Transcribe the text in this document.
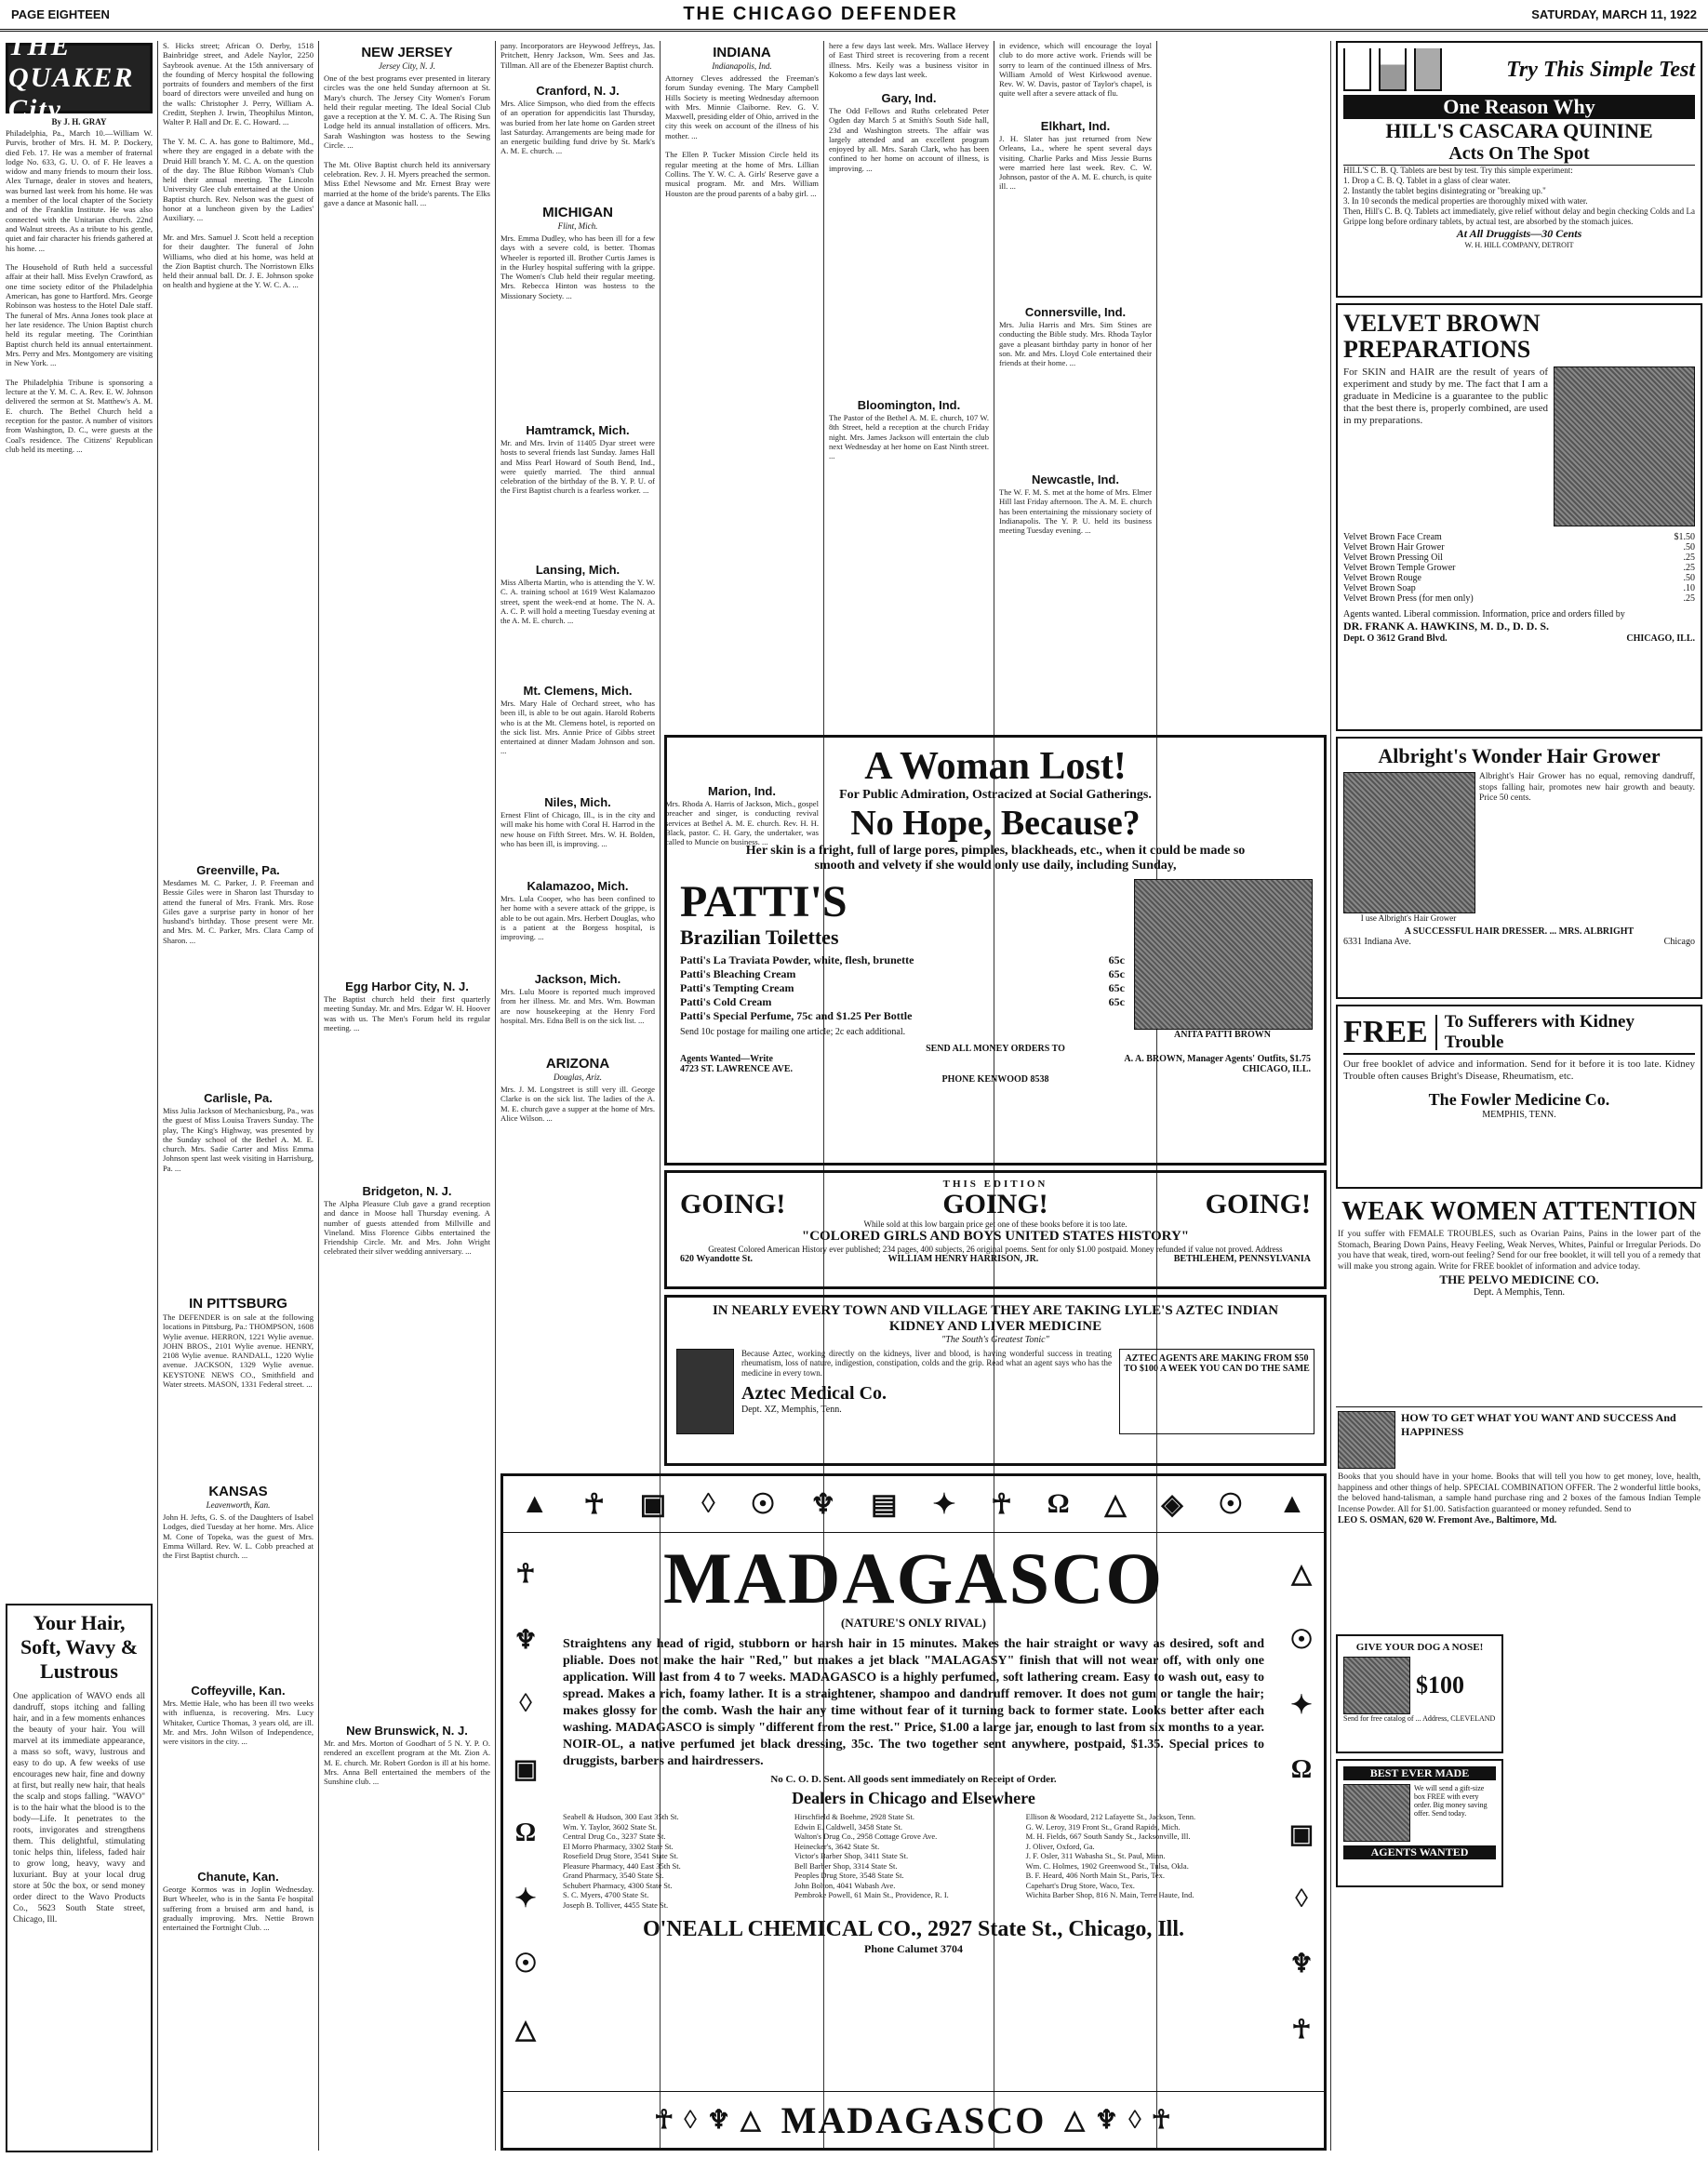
PAGE EIGHTEEN	THE CHICAGO DEFENDER	SATURDAY, MARCH 11, 1922
THE QUAKER City
By J. H. GRAY
Philadelphia, Pa., March 10.—William W. Purvis, brother of Mrs. H. M. P. Dockery, died Feb. 17. He was a member of fraternal lodge No. 633, G. U. O. of F. He leaves a widow and many friends to mourn their loss. Alex Turnage, dealer in stoves and heaters, was burned last week from his home. He was a member of the local chapter of the Society and of the Franklin Institute. He was also connected with the Unitarian church. 22nd and Walnut streets. As a tribute to his gentle, quiet and fair character his friends gathered at his home. ...

The Household of Ruth held a successful affair at their hall. Miss Evelyn Crawford, as one time society editor of the Philadelphia American, has gone to Hartford. Mrs. George Robinson was hostess to the Hotel Dale staff. The funeral of Mrs. Anna Jones took place at her late residence. The Union Baptist church held its regular meeting. The Corinthian Baptist church held its annual entertainment. Mrs. Perry and Mrs. Montgomery are visiting in New York. ...

The Philadelphia Tribune is sponsoring a lecture at the Y. M. C. A. Rev. E. W. Johnson delivered the sermon at St. Matthew's A. M. E. church. The Bethel Church held a reception for the pastor. A number of visitors from Washington, D. C., were guests at the Coal's residence. The Citizens' Republican club held its meeting. ...
Your Hair, Soft, Wavy & Lustrous
One application of WAVO ends all dandruff, stops itching and falling hair, and in a few moments enhances the beauty of your hair. You will marvel at its immediate appearance, a mass so soft, wavy, lustrous and easy to do up. A few weeks of use encourages new hair, fine and downy at first, but really new hair, that heals the scalp and stops falling. "WAVO" is to the hair what the blood is to the body—Life. It penetrates to the roots, invigorates and strengthens them. This delightful, stimulating tonic helps thin, lifeless, faded hair to grow long, heavy, wavy and luxuriant. Buy at your local drug store at 50c the box, or send money order direct to the Wavo Products Co., 5623 South State street, Chicago, Ill.
S. Hicks street; African O. Derby, 1518 Bainbridge street, and Adele Naylor, 2250 Saybrook avenue. At the 15th anniversary of the founding of Mercy hospital the following portraits of founders and members of the first board of directors were unveiled and hung on the walls: Christopher J. Perry, William A. Creditt, Stephen J. Irwin, Theophilus Minton, Walter P. Hall and Dr. E. C. Howard. ...

The Y. M. C. A. has gone to Baltimore, Md., where they are engaged in a debate with the Druid Hill branch Y. M. C. A. on the question of the day. The Blue Ribbon Woman's Club held their annual meeting. The Lincoln University Glee club entertained at the Union Baptist church. Rev. Nelson was the guest of honor at a luncheon given by the Ladies' Auxiliary. ...

Mr. and Mrs. Samuel J. Scott held a reception for their daughter. The funeral of John Williams, who died at his home, was held at the Zion Baptist church. The Norristown Elks held their annual ball. Dr. J. E. Johnson spoke on health and hygiene at the Y. W. C. A. ...
Greenville, Pa.
Mesdames M. C. Parker, J. P. Freeman and Bessie Giles were in Sharon last Thursday to attend the funeral of Mrs. Frank. Mrs. Rose Giles gave a surprise party in honor of her husband's birthday. Those present were Mr. and Mrs. M. C. Parker, Mrs. Clara Camp of Sharon. ...
Carlisle, Pa.
Miss Julia Jackson of Mechanicsburg, Pa., was the guest of Miss Louisa Travers Sunday. The play, The King's Highway, was presented by the Sunday school of the Bethel A. M. E. church. Mrs. Sadie Carter and Miss Emma Johnson spent last week visiting in Harrisburg, Pa. ...
IN PITTSBURG
The DEFENDER is on sale at the following locations in Pittsburg, Pa.: THOMPSON, 1608 Wylie avenue. HERRON, 1221 Wylie avenue. JOHN BROS., 2101 Wylie avenue. HENRY, 2108 Wylie avenue. RANDALL, 1220 Wylie avenue. JACKSON, 1329 Wylie avenue. KEYSTONE NEWS CO., Smithfield and Water streets. MASON, 1331 Federal street. ...
KANSAS
Leavenworth, Kan.
John H. Jefts, G. S. of the Daughters of Isabel Lodges, died Tuesday at her home. Mrs. Alice M. Cone of Topeka, was the guest of Mrs. Emma Willard. Rev. W. L. Cobb preached at the First Baptist church. ...
Coffeyville, Kan.
Mrs. Mettie Hale, who has been ill two weeks with influenza, is recovering. Mrs. Lucy Whitaker, Curtice Thomas, 3 years old, are ill. Mr. and Mrs. John Wilson of Independence, were visitors in the city. ...
Chanute, Kan.
George Kormos was in Joplin Wednesday. Burt Wheeler, who is in the Santa Fe hospital suffering from a bruised arm and hand, is gradually improving. Mrs. Nettie Brown entertained the Fortnight Club. ...
NEW JERSEY
Jersey City, N. J.
One of the best programs ever presented in literary circles was the one held Sunday afternoon at St. Mary's church. The Jersey City Women's Forum held their regular meeting. The Ideal Social Club gave a reception at the Y. M. C. A. The Rising Sun Lodge held its annual installation of officers. Mrs. Sarah Washington was hostess to the Sewing Circle. ...

The Mt. Olive Baptist church held its anniversary celebration. Rev. J. H. Myers preached the sermon. Miss Ethel Newsome and Mr. Ernest Bray were married at the home of the bride's parents. The Elks gave a dance at Masonic hall. ...
Egg Harbor City, N. J.
The Baptist church held their first quarterly meeting Sunday. Mr. and Mrs. Edgar W. H. Hoover was with us. The Men's Forum held its regular meeting. ...
Bridgeton, N. J.
The Alpha Pleasure Club gave a grand reception and dance in Moose hall Thursday evening. A number of guests attended from Millville and Vineland. Miss Florence Gibbs entertained the Friendship Circle. Mr. and Mrs. John Wright celebrated their silver wedding anniversary. ...
New Brunswick, N. J.
Mr. and Mrs. Morton of Goodhart of 5 N. Y. P. O. rendered an excellent program at the Mt. Zion A. M. E. church. Mr. Robert Gordon is ill at his home. Mrs. Anna Bell entertained the members of the Sunshine club. ...
pany. Incorporators are Heywood Jeffreys, Jas. Pritchett, Henry Jackson, Wm. Sees and Jas. Tillman. All are of the Ebenezer Baptist church.
Cranford, N. J.
Mrs. Alice Simpson, who died from the effects of an operation for appendicitis last Thursday, was buried from her late home on Garden street last Saturday. Arrangements are being made for an energetic building fund drive by St. Mark's A. M. E. church. ...
MICHIGAN
Flint, Mich.
Mrs. Emma Dudley, who has been ill for a few days with a severe cold, is better. Thomas Wheeler is reported ill. Brother Curtis James is in the Hurley hospital suffering with la grippe. The Women's Club held their regular meeting. Mrs. Rebecca Hinton was hostess to the Missionary Society. ...
Hamtramck, Mich.
Mr. and Mrs. Irvin of 11405 Dyar street were hosts to several friends last Sunday. James Hall and Miss Pearl Howard of South Bend, Ind., were quietly married. The third annual celebration of the birthday of the B. Y. P. U. of the First Baptist church is a fearless worker. ...
Lansing, Mich.
Miss Alberta Martin, who is attending the Y. W. C. A. training school at 1619 West Kalamazoo street, spent the week-end at home. The N. A. A. C. P. will hold a meeting Tuesday evening at the A. M. E. church. ...
Mt. Clemens, Mich.
Mrs. Mary Hale of Orchard street, who has been ill, is able to be out again. Harold Roberts who is at the Mt. Clemens hotel, is reported on the sick list. Mrs. Annie Price of Gibbs street entertained at dinner Madam Johnson and son. ...
Niles, Mich.
Ernest Flint of Chicago, Ill., is in the city and will make his home with Coral H. Harrod in the new house on Fifth Street. Mrs. W. H. Bolden, who has been ill, is improving. ...
Kalamazoo, Mich.
Mrs. Lula Cooper, who has been confined to her home with a severe attack of the grippe, is able to be out again. Mrs. Herbert Douglas, who is a patient at the Borgess hospital, is improving. ...
Jackson, Mich.
Mrs. Lulu Moore is reported much improved from her illness. Mr. and Mrs. Wm. Bowman are now housekeeping at the Henry Ford hospital. Mrs. Edna Bell is on the sick list. ...
ARIZONA
Douglas, Ariz.
Mrs. J. M. Longstreet is still very ill. George Clarke is on the sick list. The ladies of the A. M. E. church gave a supper at the home of Mrs. Alice Wilson. ...
INDIANA
Indianapolis, Ind.
Attorney Cleves addressed the Freeman's forum Sunday evening. The Mary Campbell Hills Society is meeting Wednesday afternoon with Mrs. Minnie Claiborne. Rev. G. V. Maxwell, presiding elder of Ohio, arrived in the city this week on account of the illness of his mother. ...

The Ellen P. Tucker Mission Circle held its regular meeting at the home of Mrs. Lillian Collins. The Y. W. C. A. Girls' Reserve gave a musical program. Mr. and Mrs. William Houston are the proud parents of a baby girl. ...
Marion, Ind.
Mrs. Rhoda A. Harris of Jackson, Mich., gospel preacher and singer, is conducting revival services at Bethel A. M. E. church. Rev. H. H. Black, pastor. C. H. Gary, the undertaker, was called to Muncie on business. ...
here a few days last week. Mrs. Wallace Hervey of East Third street is recovering from a recent illness. Mrs. Keily was a business visitor in Kokomo a few days last week.
Gary, Ind.
The Odd Fellows and Ruths celebrated Peter Ogden day March 5 at Smith's South Side hall, 23d and Washington streets. The affair was largely attended and an excellent program enjoyed by all. Mrs. Sarah Clark, who has been confined to her home on account of illness, is improving. ...
Bloomington, Ind.
The Pastor of the Bethel A. M. E. church, 107 W. 8th Street, held a reception at the church Friday night. Mrs. James Jackson will entertain the club next Wednesday at her home on East Ninth street. ...
in evidence, which will encourage the loyal club to do more active work. Friends will be sorry to learn of the continued illness of Mrs. William Arnold of West Kirkwood avenue. Rev. W. W. Davis, pastor of Taylor's chapel, is quite well after a severe attack of flu.
Elkhart, Ind.
J. H. Slater has just returned from New Orleans, La., where he spent several days visiting. Charlie Parks and Miss Jessie Burns were married here last week. Rev. C. W. Johnson, pastor of the A. M. E. church, is quite ill. ...
Connersville, Ind.
Mrs. Julia Harris and Mrs. Sim Stines are conducting the Bible study. Mrs. Rhoda Taylor gave a pleasant birthday party in honor of her son. Mr. and Mrs. Lloyd Cole entertained their friends at their home. ...
Newcastle, Ind.
The W. F. M. S. met at the home of Mrs. Elmer Hill last Friday afternoon. The A. M. E. church has been entertaining the missionary society of Indianapolis. The Y. P. U. held its business meeting Tuesday evening. ...
A Woman Lost!
For Public Admiration, Ostracized at Social Gatherings.
No Hope, Because?
Her skin is a fright, full of large pores, pimples, blackheads, etc., when it could be made so smooth and velvety if she would only use daily, including Sunday,
PATTI'S
Brazilian Toilettes
Patti's La Traviata Powder, white, flesh, brunette	65c
Patti's Bleaching Cream	65c
Patti's Tempting Cream	65c
Patti's Cold Cream	65c
Patti's Special Perfume, 75c and $1.25 Per Bottle
Send 10c postage for mailing one article; 2c each additional.	ANITA PATTI BROWN
SEND ALL MONEY ORDERS TO
Agents Wanted—Write	A. A. BROWN, Manager Agents' Outfits, $1.75
4723 ST. LAWRENCE AVE.	CHICAGO, ILL.
PHONE KENWOOD 8538
THIS EDITION
GOING!	GOING!	GOING!
While sold at this low bargain price get one of these books before it is too late.
"COLORED GIRLS AND BOYS UNITED STATES HISTORY"
Greatest Colored American History ever published; 234 pages, 400 subjects, 26 original poems. Sent for only $1.00 postpaid. Money refunded if value not proved. Address
620 Wyandotte St.	WILLIAM HENRY HARRISON, JR.	BETHLEHEM, PENNSYLVANIA
IN NEARLY EVERY TOWN AND VILLAGE THEY ARE TAKING LYLE'S AZTEC INDIAN KIDNEY AND LIVER MEDICINE
"The South's Greatest Tonic"
Because Aztec, working directly on the kidneys, liver and blood, is having wonderful success in treating rheumatism, loss of nature, indigestion, constipation, colds and the grip. Read what an agent says who has the medicine in every town.
Aztec Medical Co.
Dept. XZ, Memphis, Tenn.
AZTEC AGENTS ARE MAKING FROM $50 TO $100 A WEEK YOU CAN DO THE SAME
▲ ☥ ▣ ◊ ☉ ♆ ▤ ✦ ☥ Ω △ ◈ ☉ ▲
☥
♆
◊
▣
Ω
✦
☉
△
△
☉
✦
Ω
▣
◊
♆
☥
MADAGASCO
(NATURE'S ONLY RIVAL)
Straightens any head of rigid, stubborn or harsh hair in 15 minutes. Makes the hair straight or wavy as desired, soft and pliable. Does not make the hair "Red," but makes a jet black "MALAGASY" finish that will not wear off, with only one application. Will last from 4 to 7 weeks. MADAGASCO is a highly perfumed, soft lathering cream. Easy to wash out, easy to spread. Makes a rich, foamy lather. It is a straightener, shampoo and dandruff remover. It does not gum or tangle the hair; makes glossy for the comb. Wash the hair any time without fear of it turning back to former state. Looks better after each washing. MADAGASCO is simply "different from the rest." Price, $1.00 a large jar, enough to last from six months to a year. NOIR-OL, a native perfumed jet black dressing, 35c. The two together sent anywhere, postpaid, $1.35. Special prices to druggists, barbers and hairdressers.
No C. O. D. Sent. All goods sent immediately on Receipt of Order.
Dealers in Chicago and Elsewhere
Seabell & Hudson, 300 East 35th St.
Wm. Y. Taylor, 3602 State St.
Central Drug Co., 3237 State St.
El Morro Pharmacy, 3302 State St.
Rosefield Drug Store, 3541 State St.
Pleasure Pharmacy, 440 East 35th St.
Grand Pharmacy, 3540 State St.
Schubert Pharmacy, 4300 State St.
S. C. Myers, 4700 State St.
Joseph B. Tolliver, 4455 State St.
Hirschfield & Boehme, 2928 State St.
Edwin E. Caldwell, 3458 State St.
Walton's Drug Co., 2958 Cottage Grove Ave.
Heinecker's, 3642 State St.
Victor's Barber Shop, 3411 State St.
Bell Barber Shop, 3314 State St.
Peoples Drug Store, 3548 State St.
John Bolton, 4041 Wabash Ave.
Pembroke Powell, 61 Main St., Providence, R. I.
Ellison & Woodard, 212 Lafayette St., Jackson, Tenn.
G. W. Leroy, 319 Front St., Grand Rapids, Mich.
M. H. Fields, 667 South Sandy St., Jacksonville, Ill.
J. Oliver, Oxford, Ga.
J. F. Osler, 311 Wabasha St., St. Paul, Minn.
Wm. C. Holmes, 1902 Greenwood St., Tulsa, Okla.
B. F. Heard, 406 North Main St., Paris, Tex.
Capehart's Drug Store, Waco, Tex.
Wichita Barber Shop, 816 N. Main, Terre Haute, Ind.
O'NEALL CHEMICAL CO., 2927 State St., Chicago, Ill.
Phone Calumet 3704
☥ ◊ ♆ △ MADAGASCO △ ♆ ◊ ☥
Try This Simple Test
One Reason Why
HILL'S CASCARA QUININE
Acts On The Spot
HILL'S C. B. Q. Tablets are best by test. Try this simple experiment:
1. Drop a C. B. Q. Tablet in a glass of clear water.
2. Instantly the tablet begins disintegrating or "breaking up."
3. In 10 seconds the medical properties are thoroughly mixed with water.
Then, Hill's C. B. Q. Tablets act immediately, give relief without delay and begin checking Colds and La Grippe long before ordinary tablets, by actual test, are absorbed by the stomach juices.
At All Druggists—30 Cents
W. H. HILL COMPANY, DETROIT
VELVET BROWN PREPARATIONS
For SKIN and HAIR are the result of years of experiment and study by me. The fact that I am a graduate in Medicine is a guarantee to the public that the best there is, properly combined, are used in my preparations.
Velvet Brown Face Cream	$1.50
Velvet Brown Hair Grower	.50
Velvet Brown Pressing Oil	.25
Velvet Brown Temple Grower	.25
Velvet Brown Rouge	.50
Velvet Brown Soap	.10
Velvet Brown Press (for men only)	.25
Agents wanted. Liberal commission. Information, price and orders filled by
DR. FRANK A. HAWKINS, M. D., D. D. S.
Dept. O 3612 Grand Blvd.	CHICAGO, ILL.
Albright's Wonder Hair Grower
I use Albright's Hair Grower
Albright's Hair Grower has no equal, removing dandruff, stops falling hair, promotes new hair growth and beauty. Price 50 cents.
A SUCCESSFUL HAIR DRESSER. ... MRS. ALBRIGHT
6331 Indiana Ave.	Chicago
FREE To Sufferers with Kidney Trouble
Our free booklet of advice and information. Send for it before it is too late. Kidney Trouble often causes Bright's Disease, Rheumatism, etc.
The Fowler Medicine Co.
MEMPHIS, TENN.
WEAK WOMEN ATTENTION
If you suffer with FEMALE TROUBLES, such as Ovarian Pains, Pains in the lower part of the Stomach, Bearing Down Pains, Heavy Feeling, Weak Nerves, Whites, Painful or Irregular Periods. Do you have that weak, tired, worn-out feeling? Send for our free booklet, it will tell you of a remedy that will make you strong again. Write for FREE booklet of information and advice today.
THE PELVO MEDICINE CO.
Dept. A Memphis, Tenn.
HOW TO GET WHAT YOU WANT AND SUCCESS And HAPPINESS
Books that you should have in your home. Books that will tell you how to get money, love, health, happiness and other things of help. SPECIAL COMBINATION OFFER. The 2 wonderful little books, the beloved hand-talisman, a sample hand purchase ring and 2 boxes of the famous Indian Temple Incense Powder. All for $1.00. Satisfaction guaranteed or money refunded. Send to
LEO S. OSMAN, 620 W. Fremont Ave., Baltimore, Md.
GIVE YOUR DOG A NOSE!
$100
Send for free catalog of ... Address, CLEVELAND
BEST EVER MADE
We will send a gift-size box FREE with every order. Big money saving offer. Send today.
AGENTS WANTED
